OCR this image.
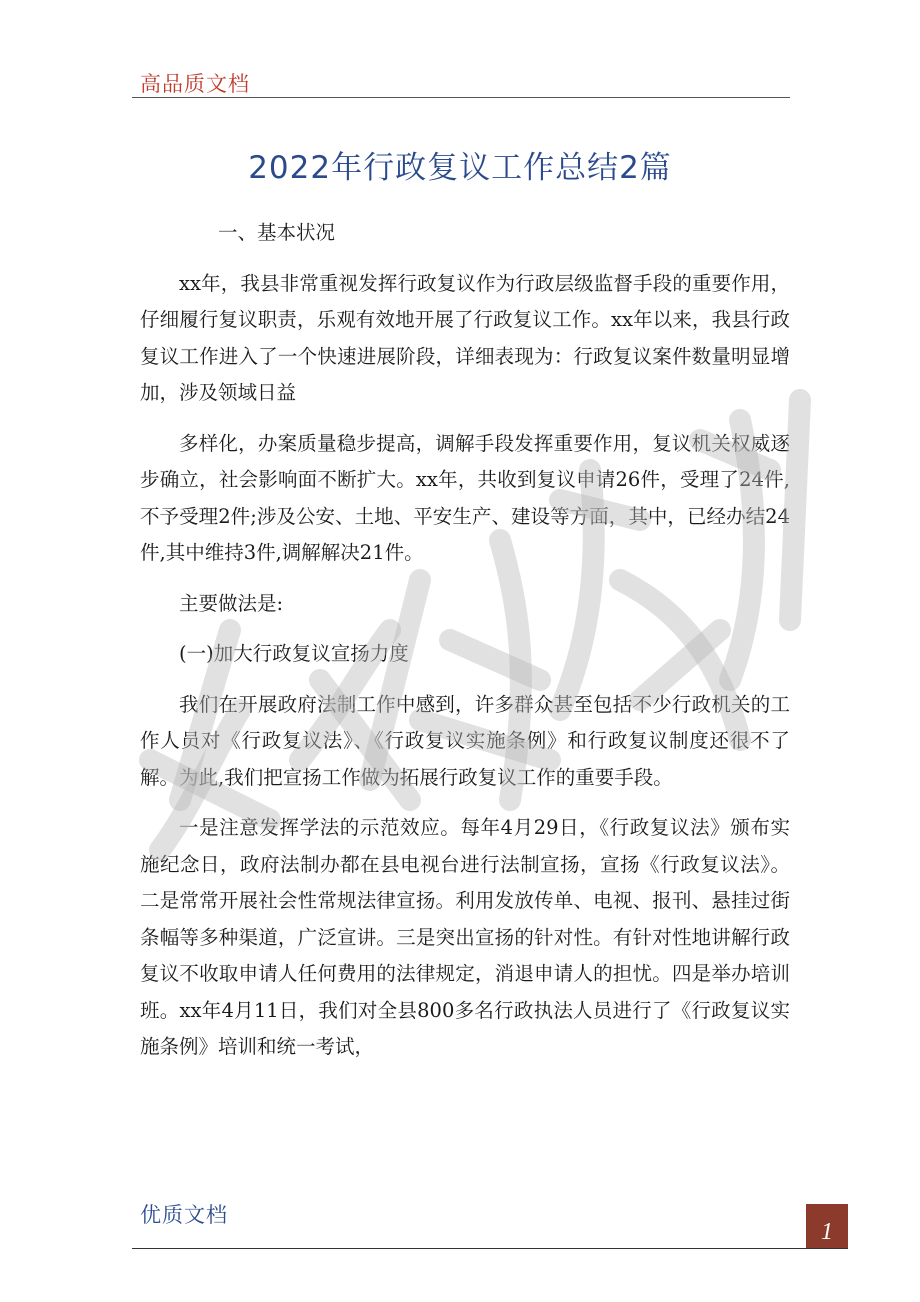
高品质文档
2022年行政复议工作总结2篇

一、基本状况

xx年，我县非常重视发挥行政复议作为行政层级监督手段的重要作用，仔细履行复议职责，乐观有效地开展了行政复议工作。xx年以来，我县行政复议工作进入了一个快速进展阶段，详细表现为：行政复议案件数量明显增加，涉及领域日益

多样化，办案质量稳步提高，调解手段发挥重要作用，复议机关权威逐步确立，社会影响面不断扩大。xx年，共收到复议申请26件，受理了24件,不予受理2件;涉及公安、土地、平安生产、建设等方面，其中，已经办结24件,其中维持3件,调解解决21件。

主要做法是:

(一)加大行政复议宣扬力度

我们在开展政府法制工作中感到，许多群众甚至包括不少行政机关的工作人员对《行政复议法》、《行政复议实施条例》和行政复议制度还很不了解。为此,我们把宣扬工作做为拓展行政复议工作的重要手段。

一是注意发挥学法的示范效应。每年4月29日，《行政复议法》颁布实施纪念日，政府法制办都在县电视台进行法制宣扬，宣扬《行政复议法》。二是常常开展社会性常规法律宣扬。利用发放传单、电视、报刊、悬挂过街条幅等多种渠道，广泛宣讲。三是突出宣扬的针对性。有针对性地讲解行政复议不收取申请人任何费用的法律规定，消退申请人的担忧。四是举办培训班。xx年4月11日，我们对全县800多名行政执法人员进行了《行政复议实施条例》培训和统一考试，

优质文档
1
